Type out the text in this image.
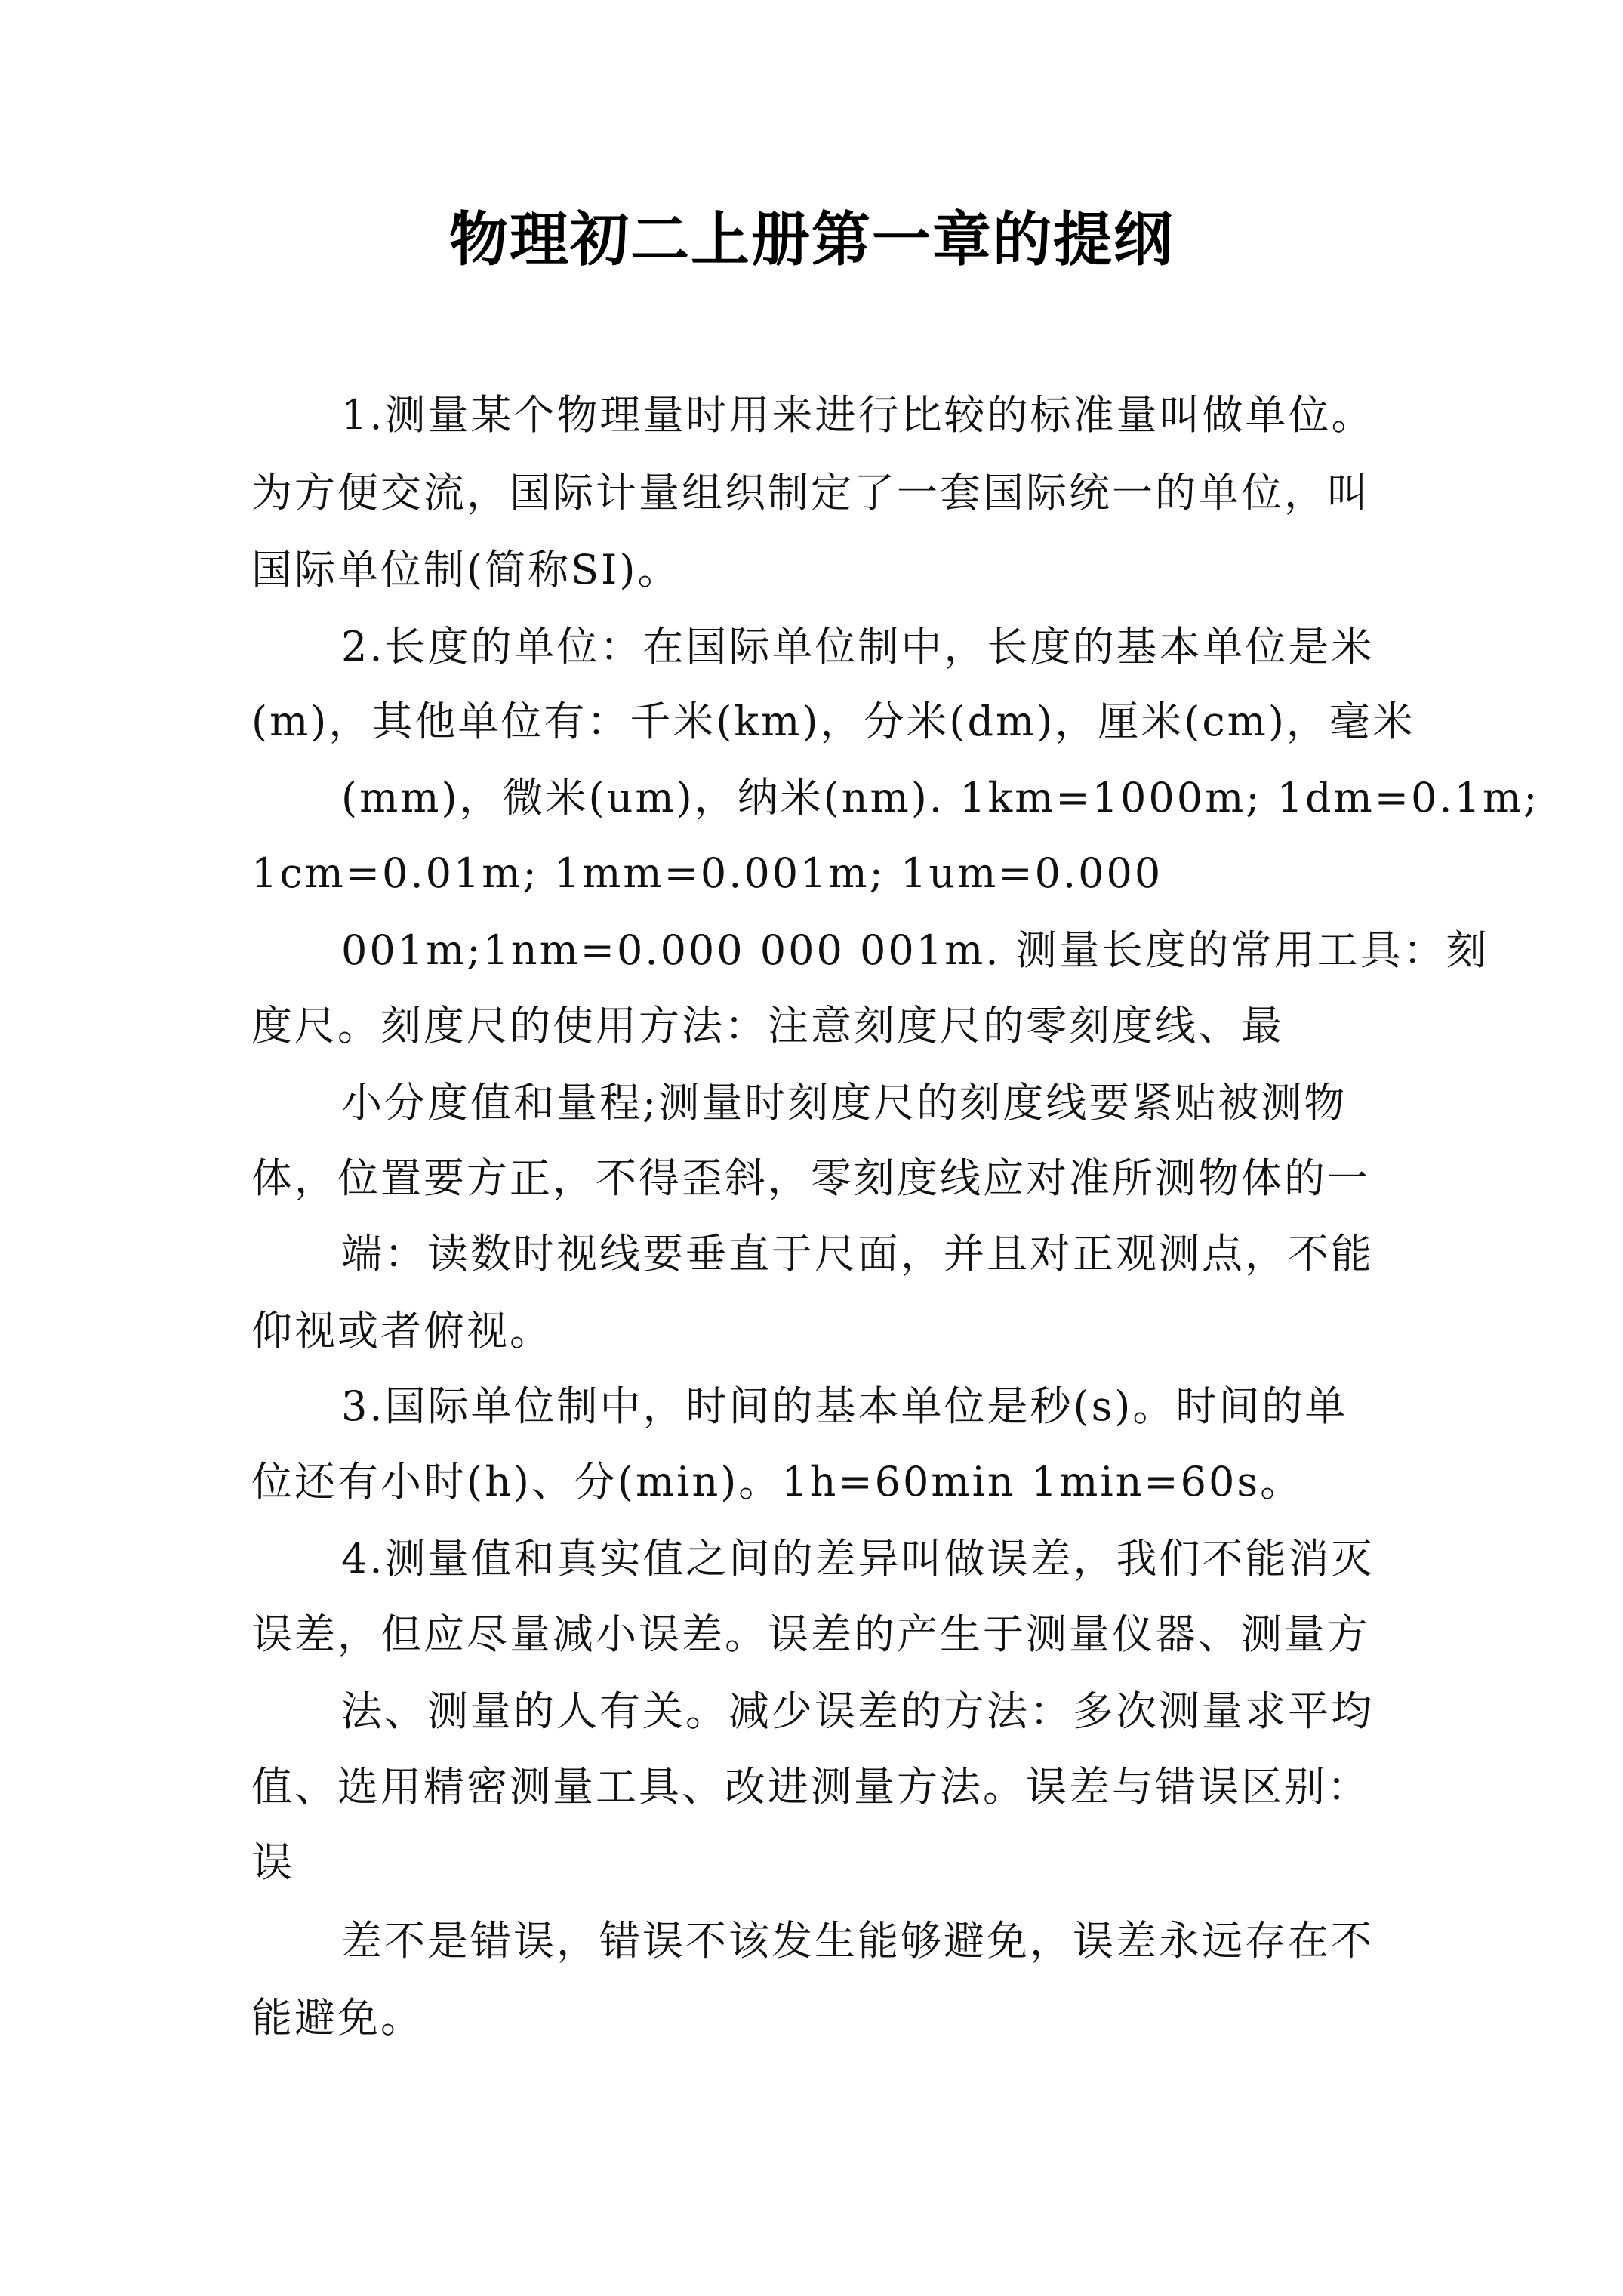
物理初二上册第一章的提纲
1.测量某个物理量时用来进行比较的标准量叫做单位。
为方便交流，国际计量组织制定了一套国际统一的单位，叫
国际单位制(简称SI)。
2.长度的单位：在国际单位制中，长度的基本单位是米
(m)，其他单位有：千米(km)，分米(dm)，厘米(cm)，毫米
(mm)，微米(um)，纳米(nm). 1km=1000m; 1dm=0.1m;
1cm=0.01m; 1mm=0.001m; 1um=0.000
001m;1nm=0.000 000 001m. 测量长度的常用工具：刻
度尺。刻度尺的使用方法：注意刻度尺的零刻度线、最
小分度值和量程;测量时刻度尺的刻度线要紧贴被测物
体，位置要方正，不得歪斜，零刻度线应对准所测物体的一
端：读数时视线要垂直于尺面，并且对正观测点，不能
仰视或者俯视。
3.国际单位制中，时间的基本单位是秒(s)。时间的单
位还有小时(h)、分(min)。1h=60min 1min=60s。
4.测量值和真实值之间的差异叫做误差，我们不能消灭
误差，但应尽量减小误差。误差的产生于测量仪器、测量方
法、测量的人有关。减少误差的方法：多次测量求平均
值、选用精密测量工具、改进测量方法。误差与错误区别：
误
差不是错误，错误不该发生能够避免，误差永远存在不
能避免。
